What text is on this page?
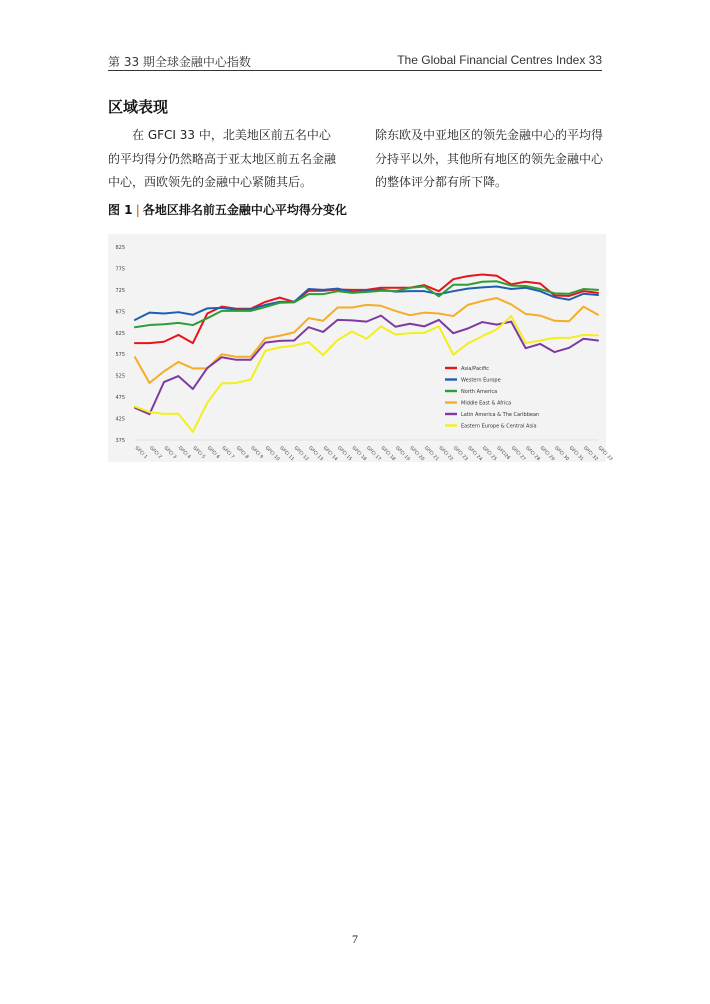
第 33 期全球金融中心指数	The Global Financial Centres Index 33
区域表现
在 GFCI 33 中，北美地区前五名中心的平均得分仍然略高于亚太地区前五名金融中心，西欧领先的金融中心紧随其后。
除东欧及中亚地区的领先金融中心的平均得分持平以外，其他所有地区的领先金融中心的整体评分都有所下降。
图 1 | 各地区排名前五金融中心平均得分变化
825
775
725
675
625
575
525
475
425
375
GFCI 1 GFCI 2 GFCI 3 GFCI 4 GFCI 5 GFCI 6 GFCI 7 GFCI 8 GFCI 9 GFCI 10
GFCI 11
GFCI 12
GFCI 13
GFCI 14
GFCI 15
GFCI 16
GFCI 17
GFCI 18
GFCI 19
GFCI 20
GFCI 21
GFCI 22
GFCI 23
GFCI 24
GFCI 25
GFCI26 GFCI 27
GFCI 28
GFCI 29
GFCI 30
GFCI 31
GFCI 32
GFCI 33
Asia/Pacific
Western Europe
North America
Middle East & Africa
Latin America & The Caribbean
Eastern Europe & Central Asia
7
